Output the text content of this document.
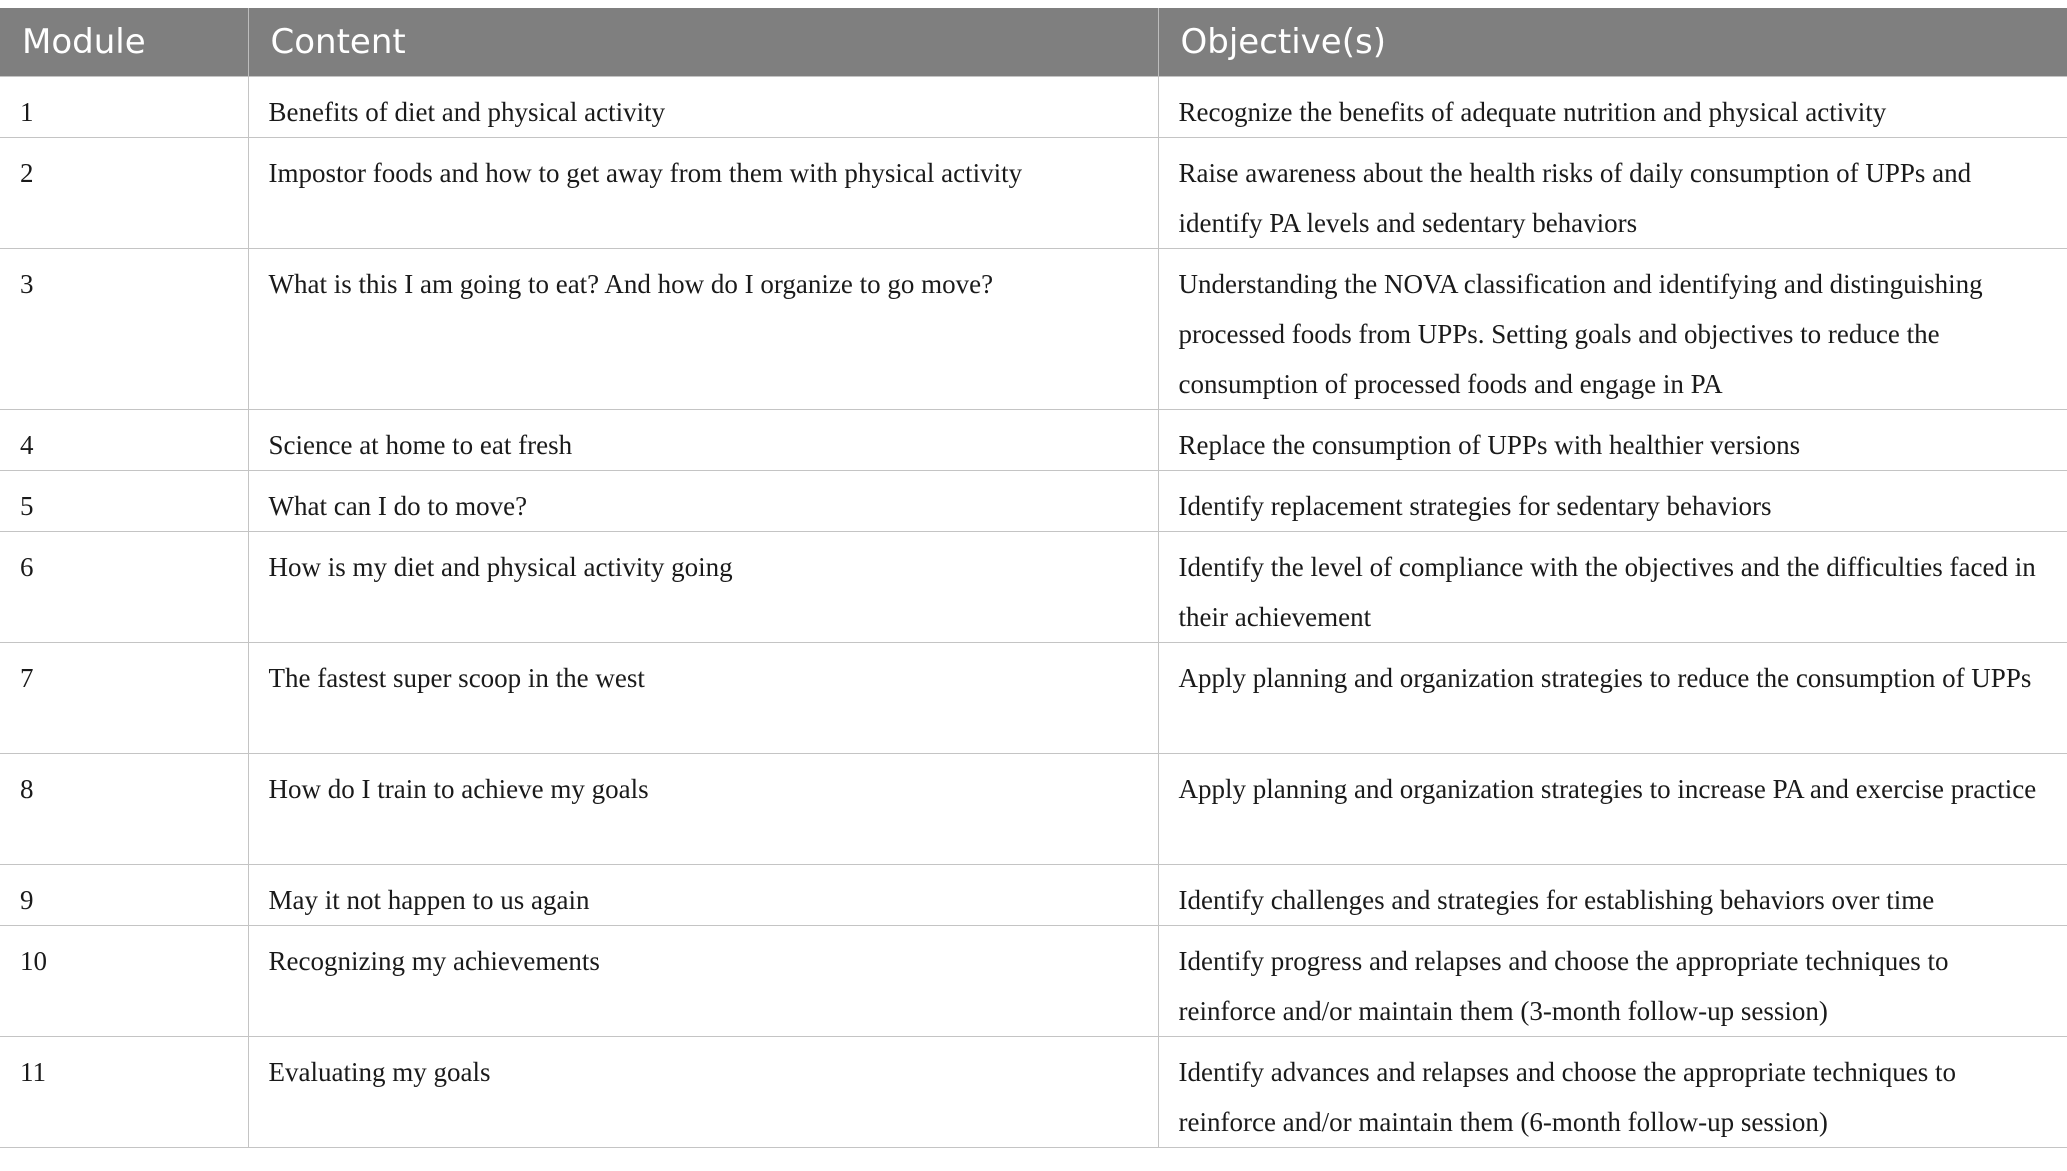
Module	Content	Objective(s)
1	Benefits of diet and physical activity	Recognize the benefits of adequate nutrition and physical activity
2	Impostor foods and how to get away from them with physical activity	Raise awareness about the health risks of daily consumption of UPPs and identify PA levels and sedentary behaviors
3	What is this I am going to eat? And how do I organize to go move?	Understanding the NOVA classification and identifying and distinguishing processed foods from UPPs. Setting goals and objectives to reduce the consumption of processed foods and engage in PA
4	Science at home to eat fresh	Replace the consumption of UPPs with healthier versions
5	What can I do to move?	Identify replacement strategies for sedentary behaviors
6	How is my diet and physical activity going	Identify the level of compliance with the objectives and the difficulties faced in their achievement
7	The fastest super scoop in the west	Apply planning and organization strategies to reduce the consumption of UPPs
8	How do I train to achieve my goals	Apply planning and organization strategies to increase PA and exercise practice
9	May it not happen to us again	Identify challenges and strategies for establishing behaviors over time
10	Recognizing my achievements	Identify progress and relapses and choose the appropriate techniques to reinforce and/or maintain them (3-month follow-up session)
11	Evaluating my goals	Identify advances and relapses and choose the appropriate techniques to reinforce and/or maintain them (6-month follow-up session)
